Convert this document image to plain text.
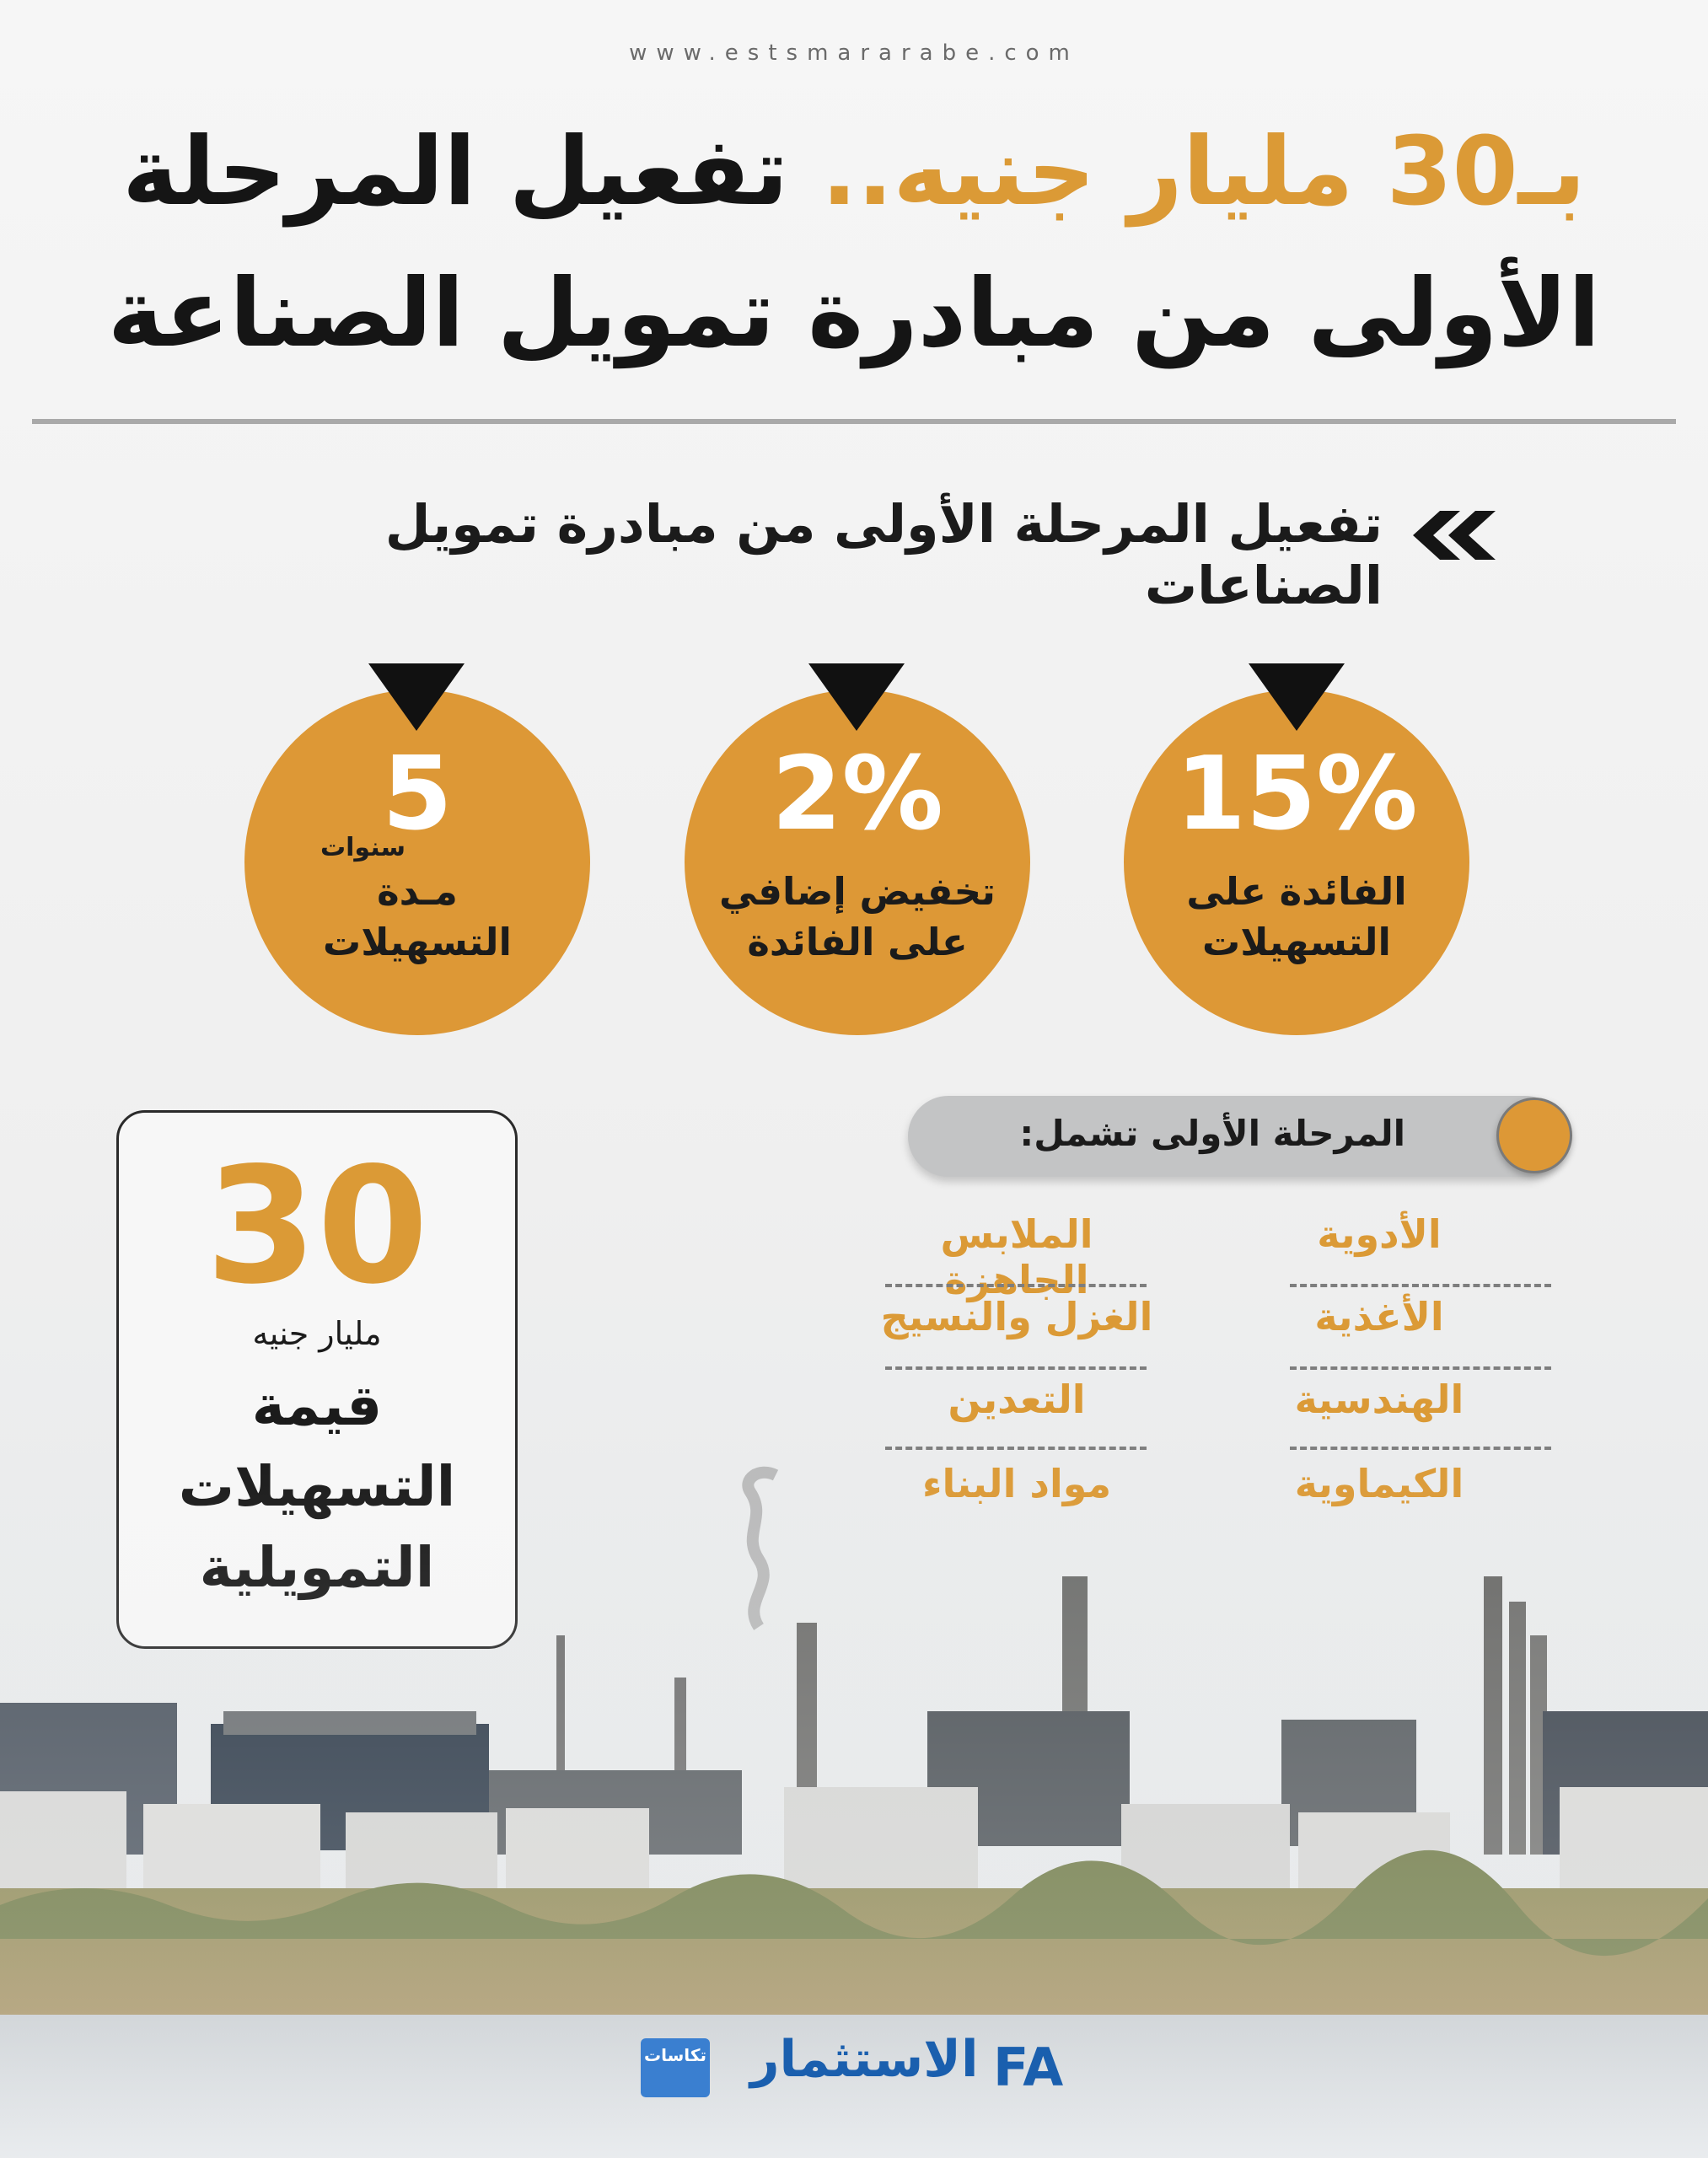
www.estsmararabe.com
بـ30 مليار جنيه.. تفعيل المرحلة
الأولى من مبادرة تمويل الصناعة
تفعيل المرحلة الأولى من مبادرة تمويل الصناعات
15%
الفائدة على
التسهيلات
2%
تخفيض إضافي
على الفائدة
5
سنوات
مـدة
التسهيلات
المرحلة الأولى تشمل:
الأدوية
الأغذية
الهندسية
الكيماوية
الملابس الجاهزة
الغزل والنسيج
التعدين
مواد البناء
30
مليار جنيه
قيمة
التسهيلات
التمويلية
تكاسات الاستثمار FA
